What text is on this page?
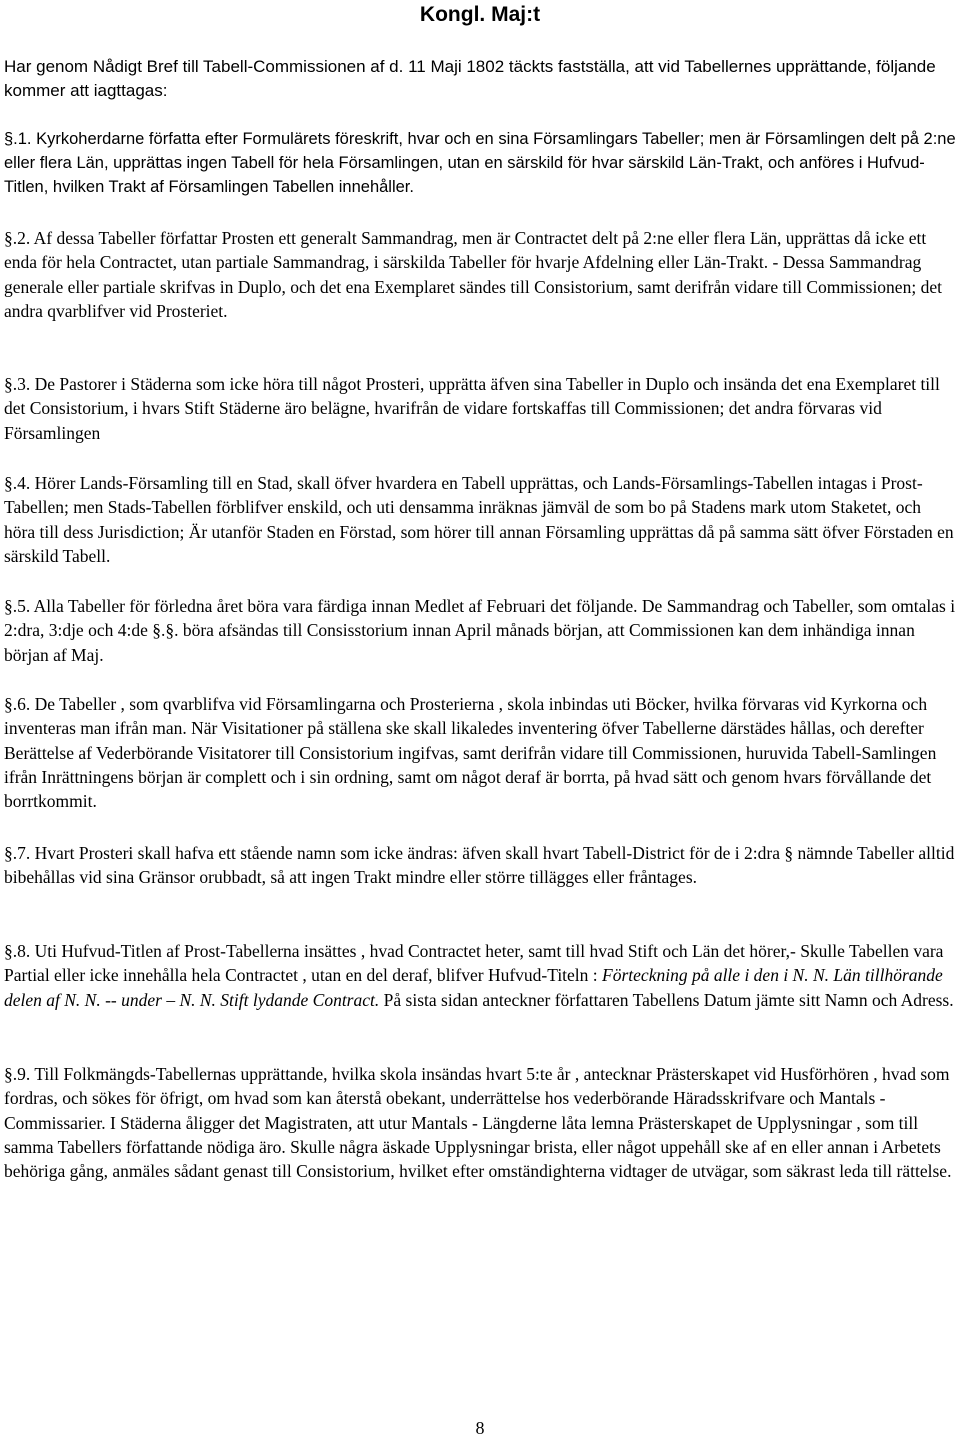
Kongl. Maj:t
Har genom Nådigt Bref till Tabell-Commissionen af d. 11 Maji 1802 täckts fastställa, att vid Tabellernes upprättande, följande kommer att iagttagas:
§.1. Kyrkoherdarne författa efter Formulärets föreskrift, hvar och en sina Församlingars Tabeller; men är Församlingen delt på 2:ne eller flera Län, upprättas ingen Tabell för hela Församlingen, utan en särskild för hvar särskild Län-Trakt, och anföres i Hufvud- Titlen, hvilken Trakt af Församlingen Tabellen innehåller.
§.2. Af dessa Tabeller författar Prosten ett generalt Sammandrag, men är Contractet delt på 2:ne eller flera Län, upprättas då icke ett enda för hela Contractet, utan partiale Sammandrag, i särskilda Tabeller för hvarje Afdelning eller Län-Trakt. - Dessa Sammandrag generale eller partiale skrifvas in Duplo, och det ena Exemplaret sändes till Consistorium, samt derifrån vidare till Commissionen; det andra qvarblifver vid Prosteriet.
§.3. De Pastorer i Städerna som icke höra till något Prosteri, upprätta äfven sina Tabeller in Duplo och insända det ena Exemplaret till det Consistorium, i hvars Stift Städerne äro belägne, hvarifrån de vidare fortskaffas till Commissionen; det andra förvaras vid Församlingen
§.4. Hörer Lands-Församling till en Stad, skall öfver hvardera en Tabell upprättas, och Lands-Församlings-Tabellen intagas i Prost-Tabellen; men Stads-Tabellen förblifver enskild, och uti densamma inräknas jämväl de som bo på Stadens mark utom Staketet, och höra till dess Jurisdiction; Är utanför Staden en Förstad, som hörer till annan Församling upprättas då på samma sätt öfver Förstaden en särskild Tabell.
§.5. Alla Tabeller för förledna året böra vara färdiga innan Medlet af Februari det följande. De Sammandrag och Tabeller, som omtalas i 2:dra, 3:dje och 4:de §.§. böra afsändas till Consisstorium innan April månads början, att Commissionen kan dem inhändiga innan början af Maj.
§.6. De Tabeller , som qvarblifva vid Församlingarna och Prosterierna , skola inbindas uti Böcker, hvilka förvaras vid Kyrkorna och inventeras man ifrån man. När Visitationer på ställena ske skall likaledes inventering öfver Tabellerne därstädes hållas, och derefter Berättelse af Vederbörande Visitatorer till Consistorium ingifvas, samt derifrån vidare till Commissionen, huruvida Tabell-Samlingen ifrån Inrättningens början är complett och i sin ordning, samt om något deraf är borrta, på hvad sätt och genom hvars förvållande det borrtkommit.
§.7. Hvart Prosteri skall hafva ett stående namn som icke ändras: äfven skall hvart Tabell-District för de i 2:dra § nämnde Tabeller alltid bibehållas vid sina Gränsor orubbadt, så att ingen Trakt mindre eller större tillägges eller fråntages.
§.8. Uti Hufvud-Titlen af Prost-Tabellerna insättes , hvad Contractet heter, samt till hvad Stift och Län det hörer,- Skulle Tabellen vara Partial eller icke innehålla hela Contractet , utan en del deraf, blifver Hufvud-Titeln : Förteckning på alle i den i N. N. Län tillhörande delen af N. N. -- under – N. N. Stift lydande Contract. På sista sidan anteckner författaren Tabellens Datum jämte sitt Namn och Adress.
§.9. Till Folkmängds-Tabellernas upprättande, hvilka skola insändas hvart 5:te år , antecknar Prästerskapet vid Husförhören , hvad som fordras, och sökes för öfrigt, om hvad som kan återstå obekant, underrättelse hos vederbörande Häradsskrifvare och Mantals -Commissarier. I Städerna åligger det Magistraten, att utur Mantals - Längderne låta lemna Prästerskapet de Upplysningar , som till samma Tabellers författande nödiga äro. Skulle några äskade Upplysningar brista, eller något uppehåll ske af en eller annan i Arbetets behöriga gång, anmäles sådant genast till Consistorium, hvilket efter omständighterna vidtager de utvägar, som säkrast leda till rättelse.
8
